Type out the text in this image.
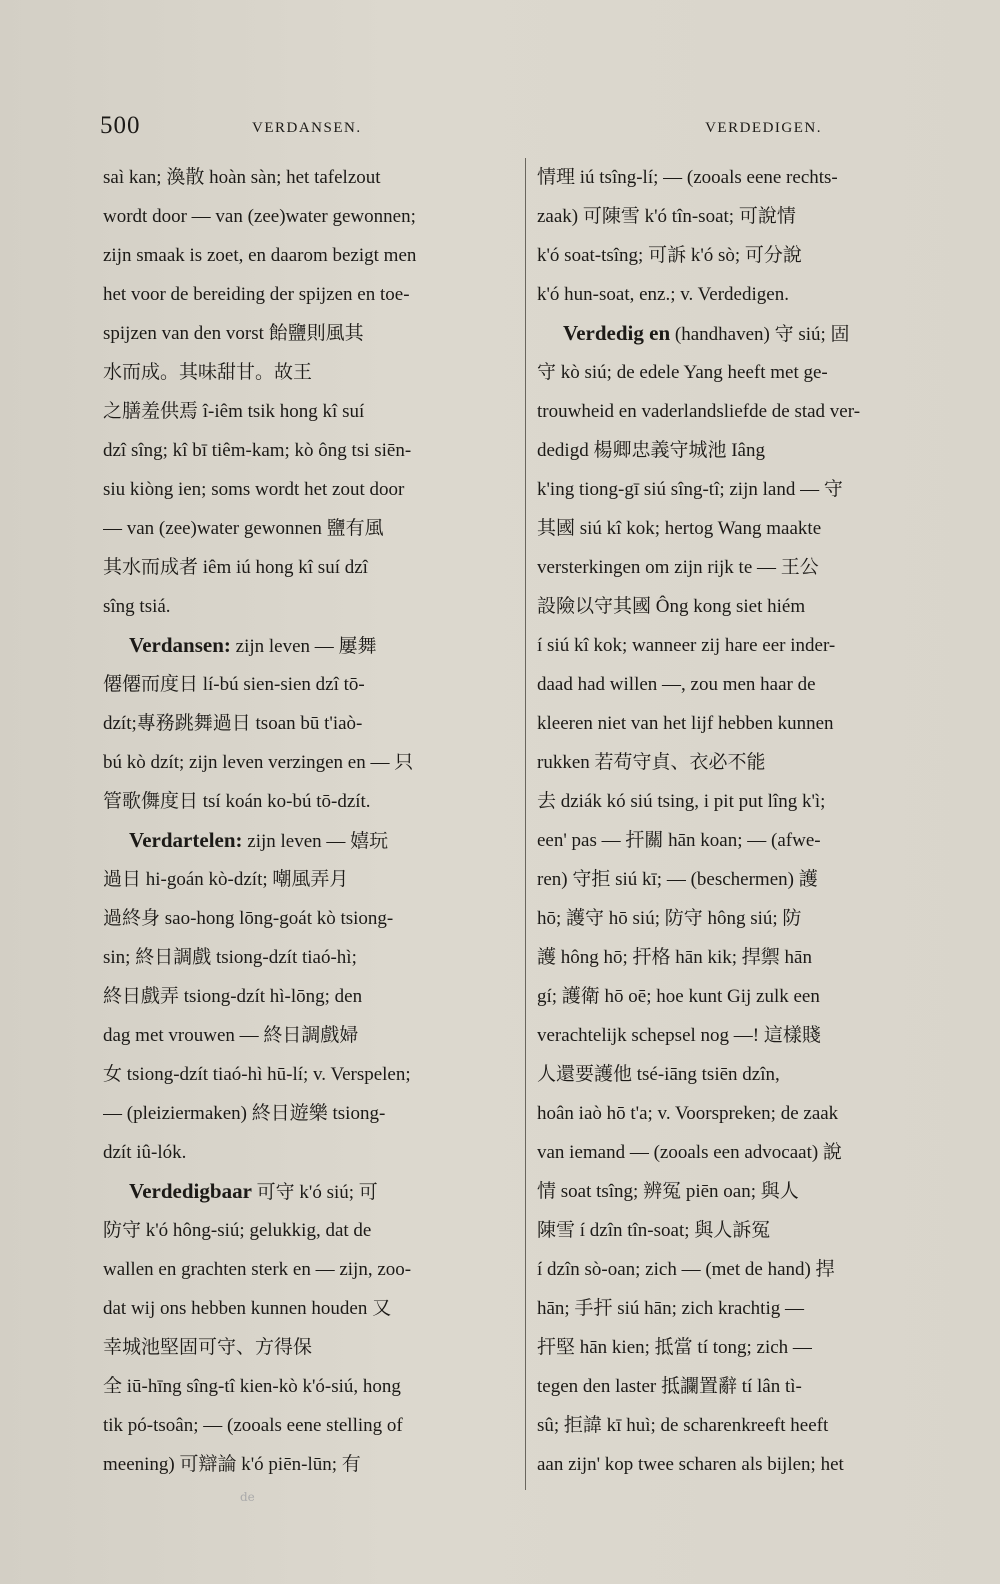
500	VERDANSEN.	VERDEDIGEN.
saì kan; 渙散 hoàn sàn; het tafelzout
wordt door — van (zee)water gewonnen;
zijn smaak is zoet, en daarom bezigt men
het voor de bereiding der spijzen en toe-
spijzen van den vorst 飴鹽則風其
水而成。其味甜甘。故王
之膳羞供焉 î-iêm tsik hong kî suí
dzî sîng; kî bī tiêm-kam; kò ông tsi siēn-
siu kiòng ien; soms wordt het zout door
— van (zee)water gewonnen 鹽有風
其水而成者 iêm iú hong kî suí dzî
sîng tsiá.
Verdansen: zijn leven — 屢舞
僊僊而度日 lí-bú sien-sien dzî tō-
dzít;專務跳舞過日 tsoan bū t'iaò-
bú kò dzít; zijn leven verzingen en — 只
管歌儛度日 tsí koán ko-bú tō-dzít.
Verdartelen: zijn leven — 嬉玩
過日 hi-goán kò-dzít; 嘲風弄月
過終身 sao-hong lōng-goát kò tsiong-
sin; 終日調戲 tsiong-dzít tiaó-hì;
終日戲弄 tsiong-dzít hì-lōng; den
dag met vrouwen — 終日調戲婦
女 tsiong-dzít tiaó-hì hū-lí; v. Verspelen;
— (pleiziermaken) 終日遊樂 tsiong-
dzít iû-lók.
Verdedigbaar 可守 k'ó siú; 可
防守 k'ó hông-siú; gelukkig, dat de
wallen en grachten sterk en — zijn, zoo-
dat wij ons hebben kunnen houden 又
幸城池堅固可守、方得保
全 iū-hīng sîng-tî kien-kò k'ó-siú, hong
tik pó-tsoân; — (zooals eene stelling of
meening) 可辯論 k'ó piēn-lūn; 有
情理 iú tsîng-lí; — (zooals eene rechts-
zaak) 可陳雪 k'ó tîn-soat; 可說情
k'ó soat-tsîng; 可訴 k'ó sò; 可分說
k'ó hun-soat, enz.; v. Verdedigen.
Verdedig en (handhaven) 守 siú; 固
守 kò siú; de edele Yang heeft met ge-
trouwheid en vaderlandsliefde de stad ver-
dedigd 楊卿忠義守城池 Iâng
k'ing tiong-gī siú sîng-tî; zijn land — 守
其國 siú kî kok; hertog Wang maakte
versterkingen om zijn rijk te — 王公
設險以守其國 Ông kong siet hiém
í siú kî kok; wanneer zij hare eer inder-
daad had willen —, zou men haar de
kleeren niet van het lijf hebben kunnen
rukken 若苟守貞、衣必不能
去 dziák kó siú tsing, i pit put lîng k'ì;
een' pas — 扞關 hān koan; — (afwe-
ren) 守拒 siú kī; — (beschermen) 護
hō; 護守 hō siú; 防守 hông siú; 防
護 hông hō; 扞格 hān kik; 捍禦 hān
gí; 護衛 hō oē; hoe kunt Gij zulk een
verachtelijk schepsel nog —! 這樣賤
人還要護他 tsé-iāng tsiēn dzîn,
hoân iaò hō t'a; v. Voorspreken; de zaak
van iemand — (zooals een advocaat) 說
情 soat tsîng; 辨冤 piēn oan; 與人
陳雪 í dzîn tîn-soat; 與人訴冤
í dzîn sò-oan; zich — (met de hand) 捍
hān; 手扞 siú hān; zich krachtig —
扞堅 hān kien; 抵當 tí tong; zich —
tegen den laster 抵讕置辭 tí lân tì-
sû; 拒諱 kī huì; de scharenkreeft heeft
aan zijn' kop twee scharen als bijlen; het
de
